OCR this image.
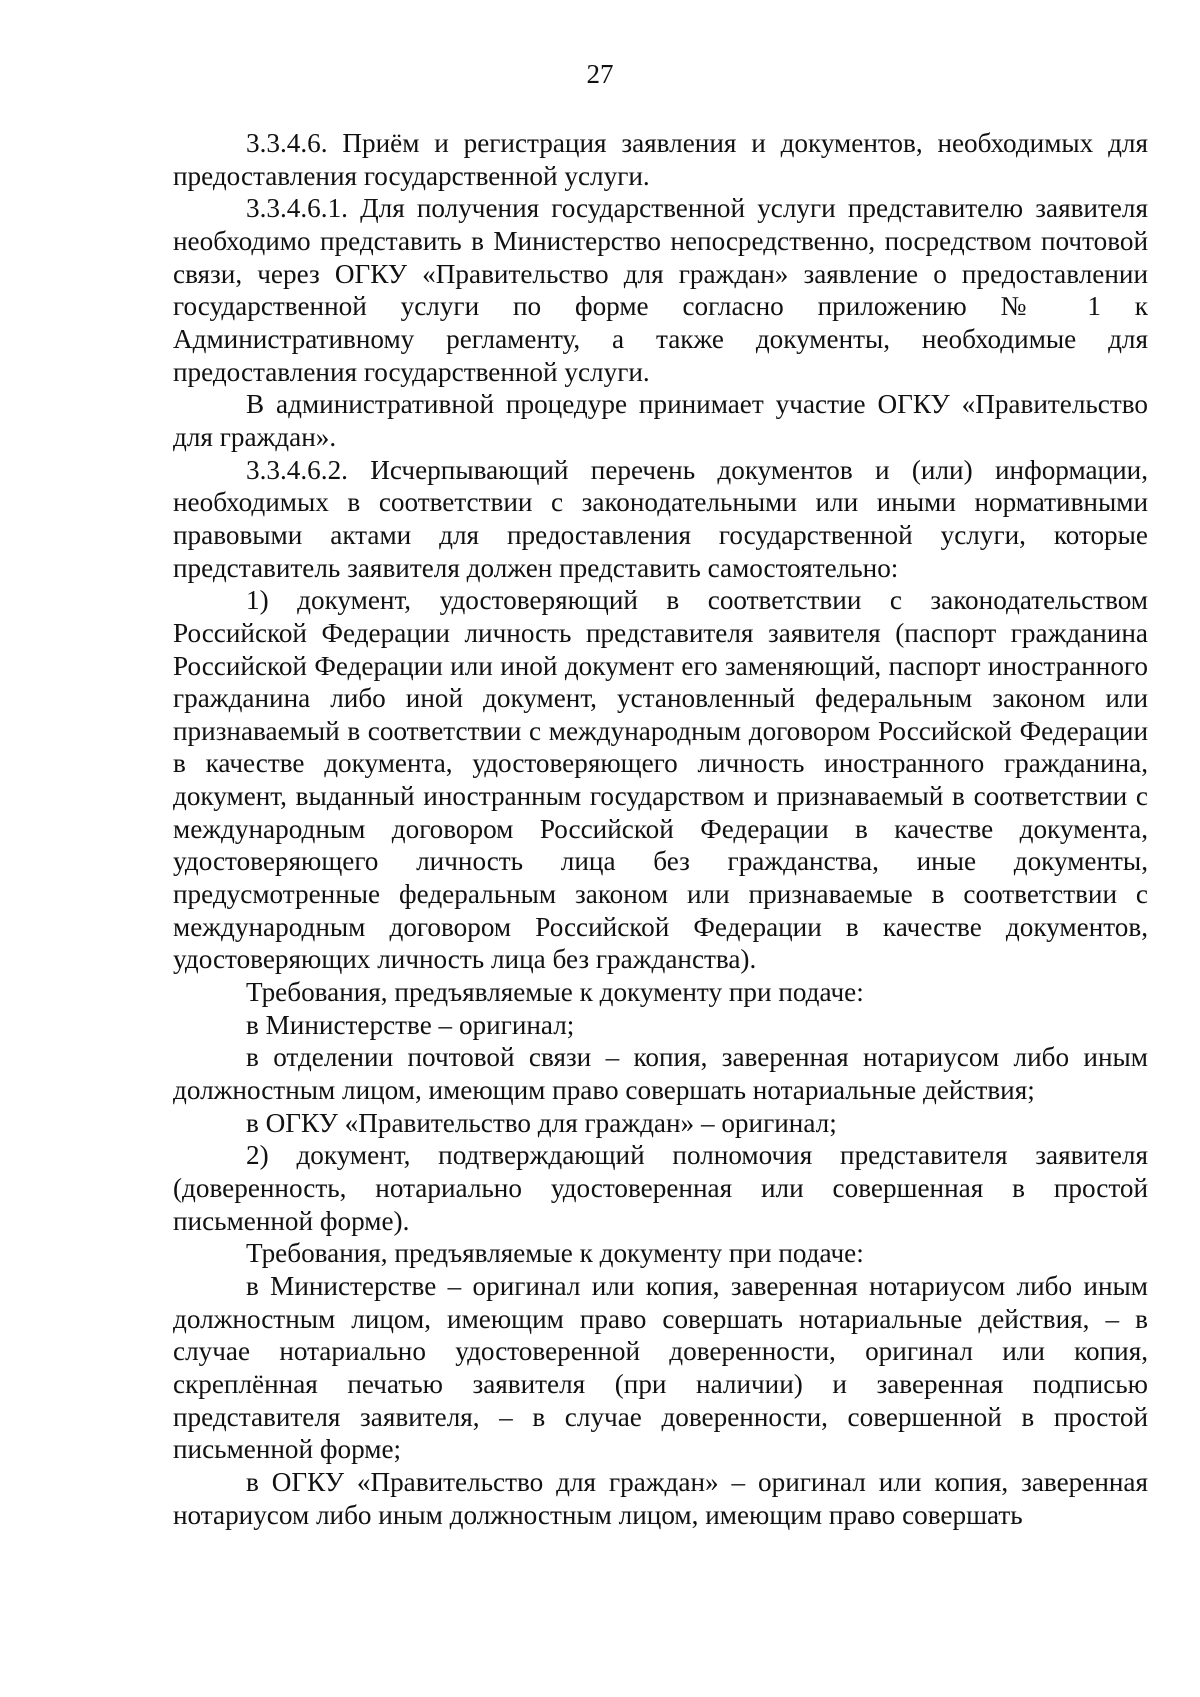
27

3.3.4.6. Приём и регистрация заявления и документов, необходимых для предоставления государственной услуги.

3.3.4.6.1. Для получения государственной услуги представителю заявителя необходимо представить в Министерство непосредственно, посредством почтовой связи, через ОГКУ «Правительство для граждан» заявление о предоставлении государственной услуги по форме согласно приложению № 1 к Административному регламенту, а также документы, необходимые для предоставления государственной услуги.

В административной процедуре принимает участие ОГКУ «Правительство для граждан».

3.3.4.6.2. Исчерпывающий перечень документов и (или) информации, необходимых в соответствии с законодательными или иными нормативными правовыми актами для предоставления государственной услуги, которые представитель заявителя должен представить самостоятельно:

1) документ, удостоверяющий в соответствии с законодательством Российской Федерации личность представителя заявителя (паспорт гражданина Российской Федерации или иной документ его заменяющий, паспорт иностранного гражданина либо иной документ, установленный федеральным законом или признаваемый в соответствии с международным договором Российской Федерации в качестве документа, удостоверяющего личность иностранного гражданина, документ, выданный иностранным государством и признаваемый в соответствии с международным договором Российской Федерации в качестве документа, удостоверяющего личность лица без гражданства, иные документы, предусмотренные федеральным законом или признаваемые в соответствии с международным договором Российской Федерации в качестве документов, удостоверяющих личность лица без гражданства).

Требования, предъявляемые к документу при подаче:

в Министерстве – оригинал;

в отделении почтовой связи – копия, заверенная нотариусом либо иным должностным лицом, имеющим право совершать нотариальные действия;

в ОГКУ «Правительство для граждан» – оригинал;

2) документ, подтверждающий полномочия представителя заявителя (доверенность, нотариально удостоверенная или совершенная в простой письменной форме).

Требования, предъявляемые к документу при подаче:

в Министерстве – оригинал или копия, заверенная нотариусом либо иным должностным лицом, имеющим право совершать нотариальные действия, – в случае нотариально удостоверенной доверенности, оригинал или копия, скреплённая печатью заявителя (при наличии) и заверенная подписью представителя заявителя, – в случае доверенности, совершенной в простой письменной форме;

в ОГКУ «Правительство для граждан» – оригинал или копия, заверенная нотариусом либо иным должностным лицом, имеющим право совершать
